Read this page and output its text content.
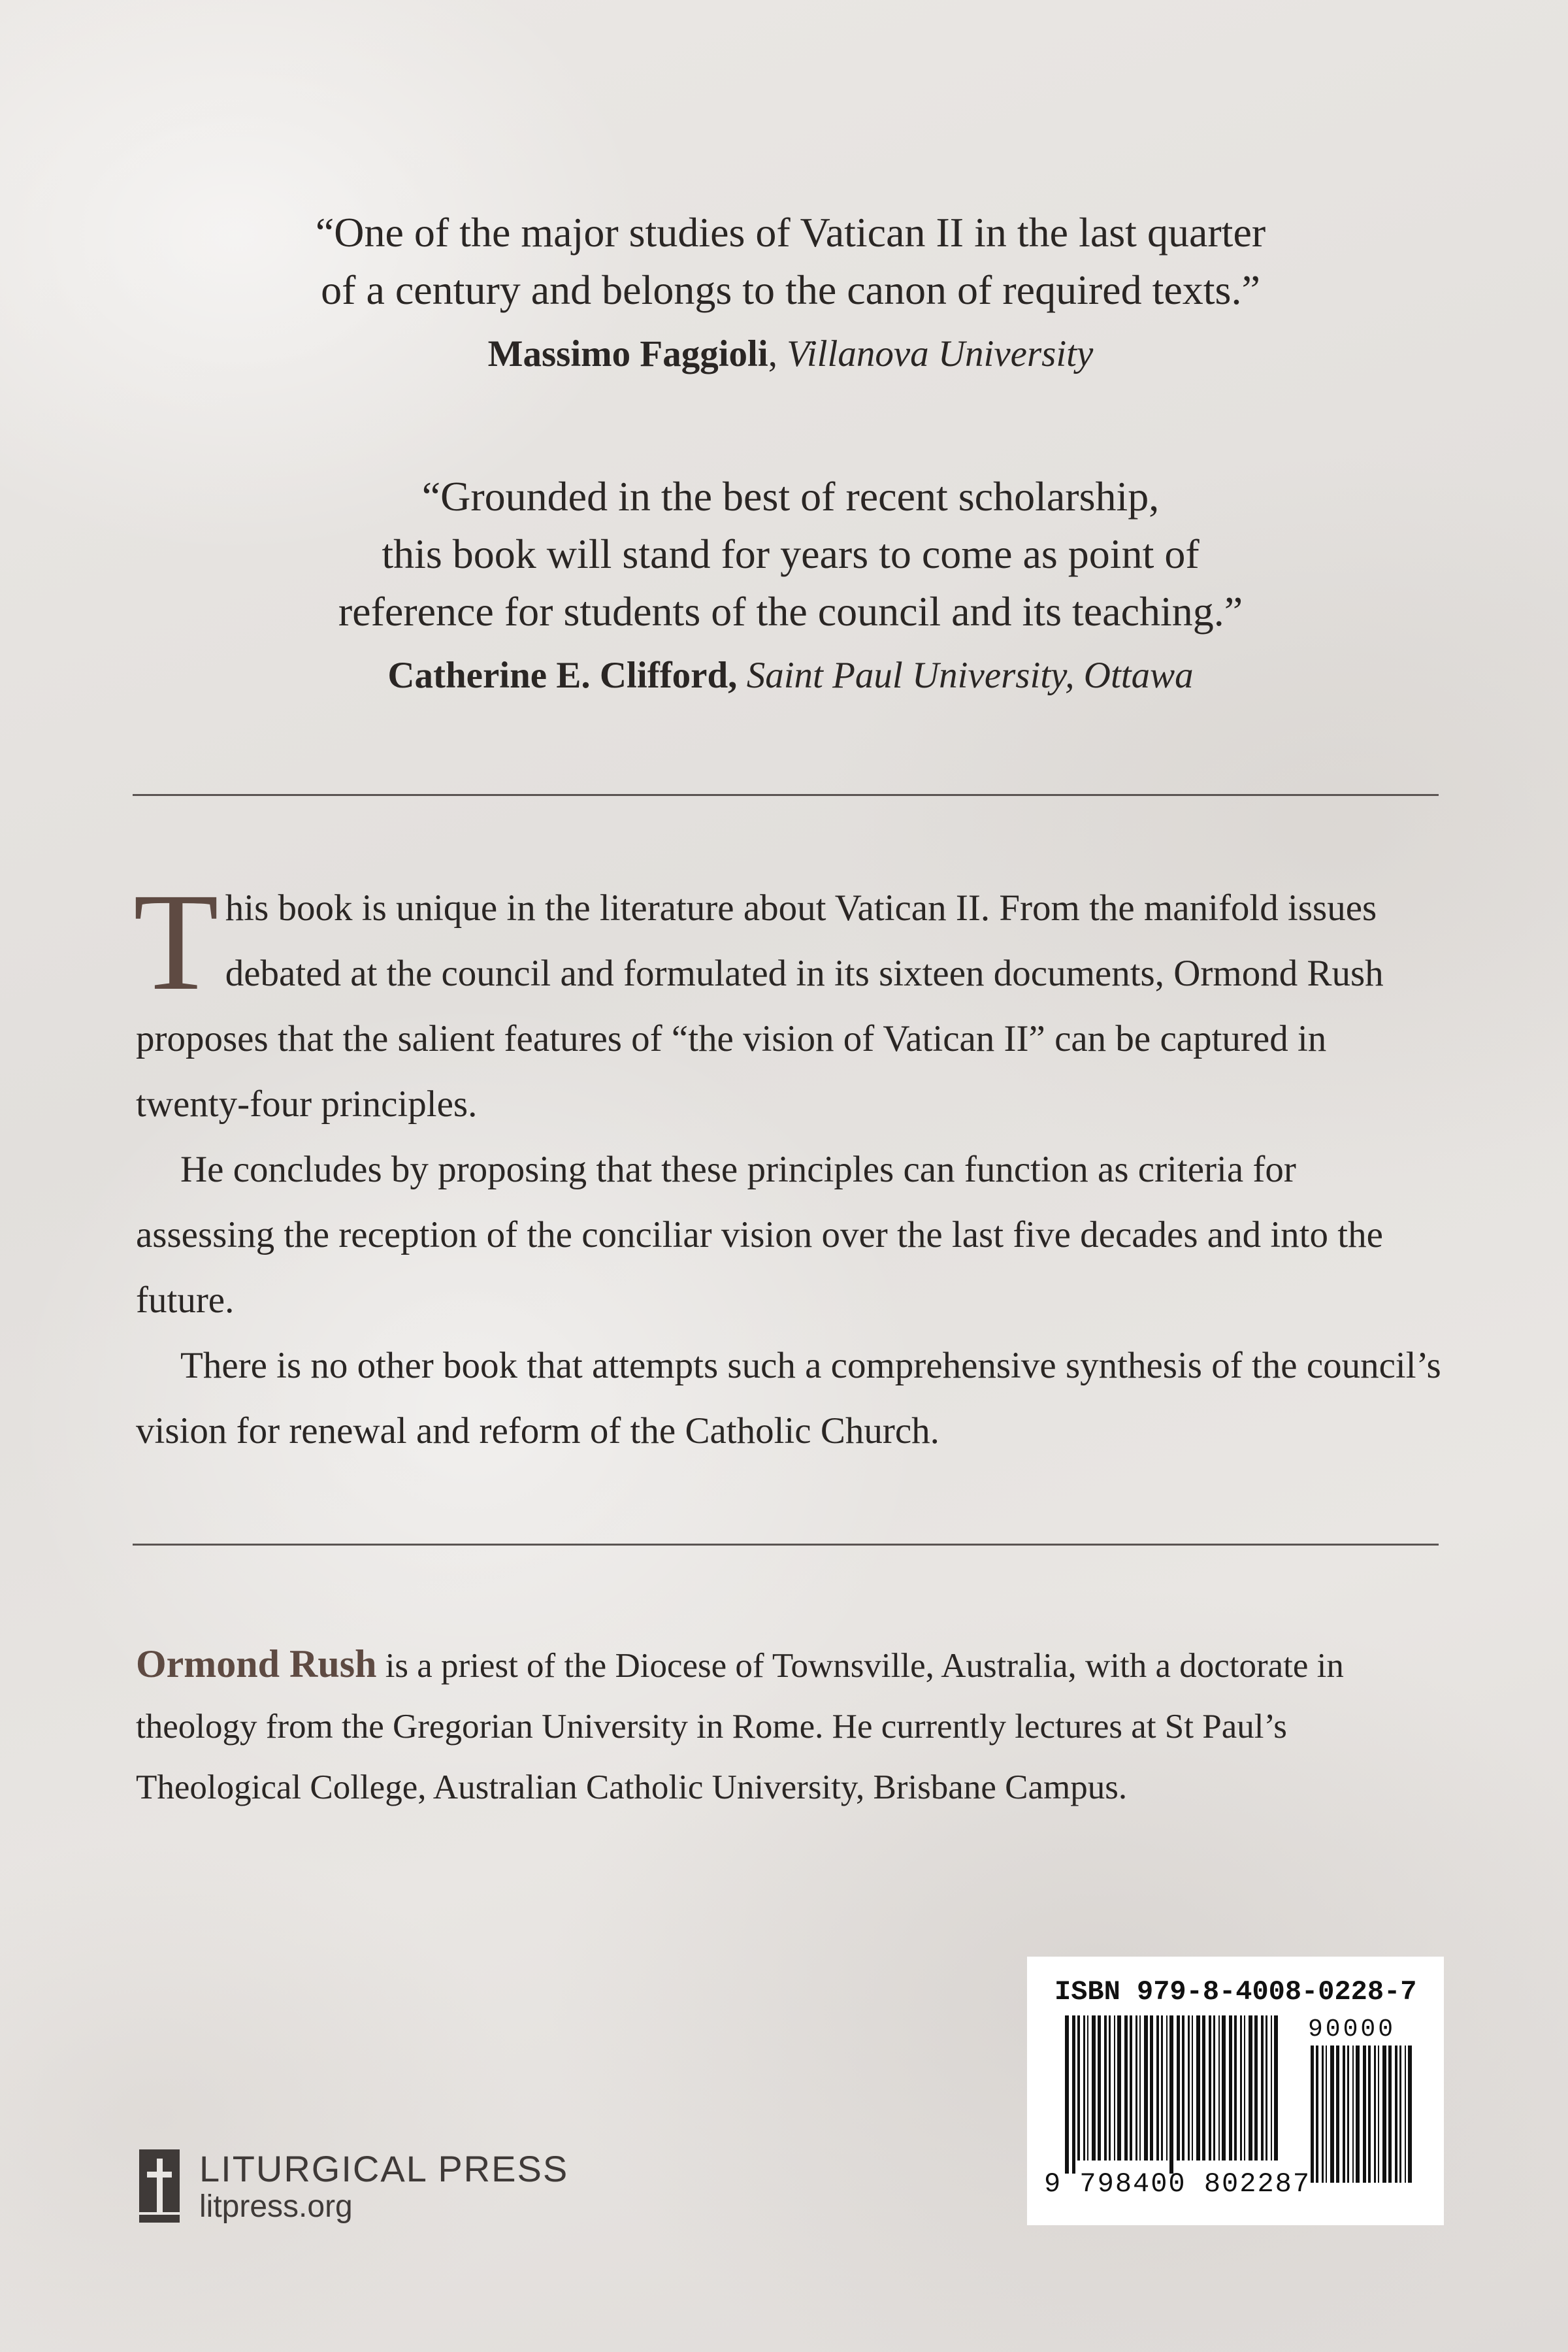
“One of the major studies of Vatican II in the last quarter
of a century and belongs to the canon of required texts.”
Massimo Faggioli, Villanova University
“Grounded in the best of recent scholarship,
this book will stand for years to come as point of
reference for students of the council and its teaching.”
Catherine E. Clifford, Saint Paul University, Ottawa

This book is unique in the literature about Vatican II. From the manifold issues debated at the council and formulated in its sixteen documents, Ormond Rush proposes that the salient features of “the vision of Vatican II” can be captured in twenty-four principles.

He concludes by proposing that these principles can function as criteria for assessing the reception of the conciliar vision over the last five decades and into the future.

There is no other book that attempts such a comprehensive synthesis of the council’s vision for renewal and reform of the Catholic Church.

Ormond Rush is a priest of the Diocese of Townsville, Australia, with a doctorate in theology from the Gregorian University in Rome. He currently lectures at St Paul’s Theological College, Australian Catholic University, Brisbane Campus.
LITURGICAL PRESS
litpress.org
ISBN 979-8-4008-0228-7
90000
9 798400 802287
